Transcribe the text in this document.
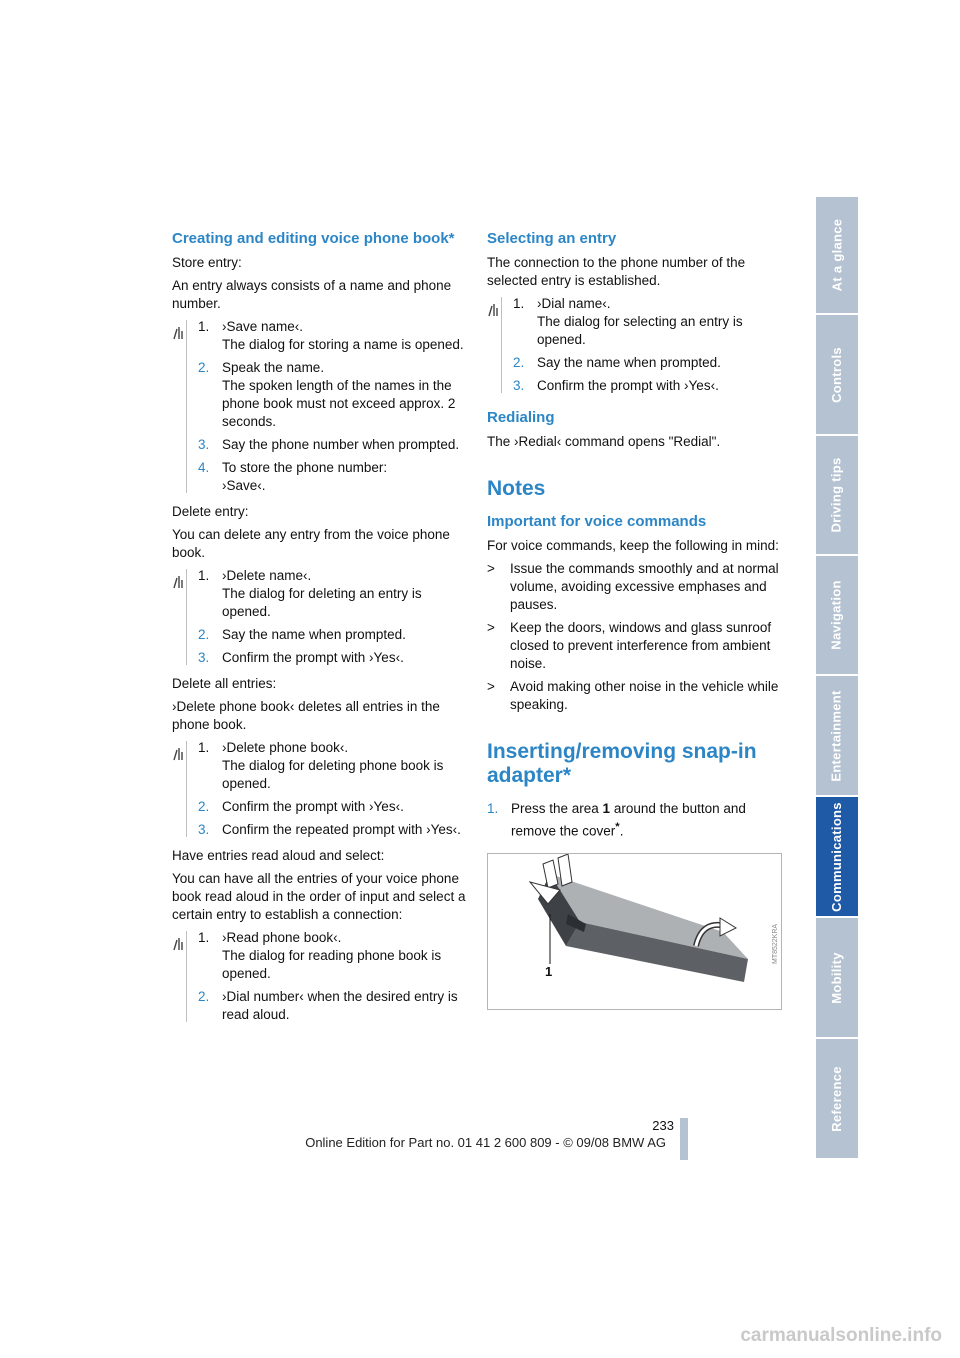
Creating and editing voice phone book*

Store entry:

An entry always consists of a name and phone number.

1. ›Save name‹.
The dialog for storing a name is opened.
2. Speak the name.
The spoken length of the names in the phone book must not exceed approx. 2 seconds.
3. Say the phone number when prompted.
4. To store the phone number:
›Save‹.

Delete entry:

You can delete any entry from the voice phone book.

1. ›Delete name‹.
The dialog for deleting an entry is opened.
2. Say the name when prompted.
3. Confirm the prompt with ›Yes‹.

Delete all entries:

›Delete phone book‹ deletes all entries in the phone book.

1. ›Delete phone book‹.
The dialog for deleting phone book is opened.
2. Confirm the prompt with ›Yes‹.
3. Confirm the repeated prompt with ›Yes‹.

Have entries read aloud and select:

You can have all the entries of your voice phone book read aloud in the order of input and select a certain entry to establish a connection:

1. ›Read phone book‹.
The dialog for reading phone book is opened.
2. ›Dial number‹ when the desired entry is read aloud.
Selecting an entry

The connection to the phone number of the selected entry is established.

1. ›Dial name‹.
The dialog for selecting an entry is opened.
2. Say the name when prompted.
3. Confirm the prompt with ›Yes‹.
Redialing

The ›Redial‹ command opens "Redial".

Notes
Important for voice commands

For voice commands, keep the following in mind:

>	Issue the commands smoothly and at normal volume, avoiding excessive emphases and pauses.
>	Keep the doors, windows and glass sunroof closed to prevent interference from ambient noise.
>	Avoid making other noise in the vehicle while speaking.
Inserting/removing snap-in adapter*
1. Press the area 1 around the button and remove the cover*.
1
MT8522KRA
Reference
Mobility
Communications
Entertainment
Navigation
Driving tips
Controls
At a glance
233
Online Edition for Part no. 01 41 2 600 809 - © 09/08 BMW AG
carmanualsonline.info
